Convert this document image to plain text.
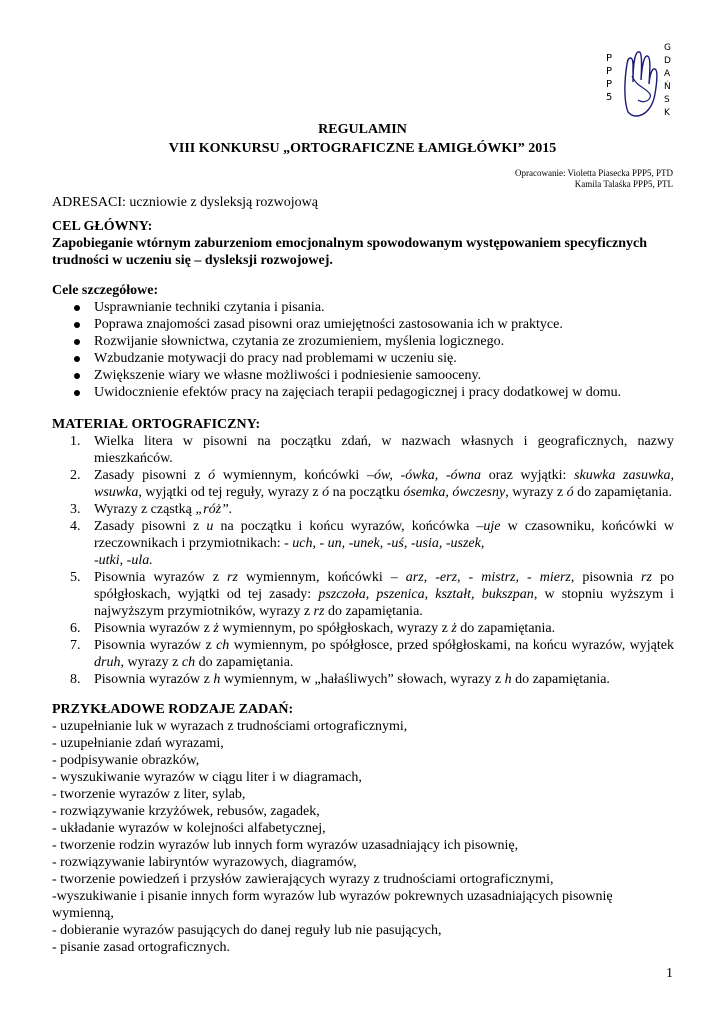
P
P
P
5
G
D
A
Ń
S
K
REGULAMIN
VIII KONKURSU „ORTOGRAFICZNE ŁAMIGŁÓWKI” 2015
Opracowanie: Violetta Piasecka PPP5, PTD
Kamila Talaśka PPP5, PTL
ADRESACI: uczniowie z dysleksją rozwojową
CEL GŁÓWNY:
Zapobieganie wtórnym zaburzeniom emocjonalnym spowodowanym występowaniem specyficznych trudności w uczeniu się – dysleksji rozwojowej.
Cele szczegółowe:
Usprawnianie techniki czytania i pisania.
Poprawa znajomości zasad pisowni oraz umiejętności zastosowania ich w praktyce.
Rozwijanie słownictwa, czytania ze zrozumieniem, myślenia logicznego.
Wzbudzanie motywacji do pracy nad problemami w uczeniu się.
Zwiększenie wiary we własne możliwości i podniesienie samooceny.
Uwidocznienie efektów pracy na zajęciach terapii pedagogicznej i pracy dodatkowej w domu.
MATERIAŁ ORTOGRAFICZNY:
1. Wielka litera w pisowni na początku zdań, w nazwach własnych i geograficznych, nazwy mieszkańców.
2. Zasady pisowni z ó wymiennym, końcówki –ów, -ówka, -ówna oraz wyjątki: skuwka zasuwka, wsuwka, wyjątki od tej reguły, wyrazy z ó na początku ósemka, ówczesny, wyrazy z ó do zapamiętania.
3. Wyrazy z cząstką „róż”.
4. Zasady pisowni z u na początku i końcu wyrazów, końcówka –uje w czasowniku, końcówki w rzeczownikach i przymiotnikach: - uch, - un, -unek, -uś, -usia, -uszek,
-utki, -ula.
5. Pisownia wyrazów z rz wymiennym, końcówki – arz, -erz, - mistrz, - mierz, pisownia rz po spółgłoskach, wyjątki od tej zasady: pszczoła, pszenica, kształt, bukszpan, w stopniu wyższym i najwyższym przymiotników, wyrazy z rz do zapamiętania.
6. Pisownia wyrazów z ż wymiennym, po spółgłoskach, wyrazy z ż do zapamiętania.
7. Pisownia wyrazów z ch wymiennym, po spółgłosce, przed spółgłoskami, na końcu wyrazów, wyjątek druh, wyrazy z ch do zapamiętania.
8. Pisownia wyrazów z h wymiennym, w „hałaśliwych” słowach, wyrazy z h do zapamiętania.
PRZYKŁADOWE RODZAJE ZADAŃ:
- uzupełnianie luk w wyrazach z trudnościami ortograficznymi,
- uzupełnianie zdań wyrazami,
- podpisywanie obrazków,
- wyszukiwanie wyrazów w ciągu liter i w diagramach,
- tworzenie wyrazów z liter, sylab,
- rozwiązywanie krzyżówek, rebusów, zagadek,
- układanie wyrazów w kolejności alfabetycznej,
- tworzenie rodzin wyrazów lub innych form wyrazów uzasadniający ich pisownię,
- rozwiązywanie labiryntów wyrazowych, diagramów,
- tworzenie powiedzeń i przysłów zawierających wyrazy z trudnościami ortograficznymi,
-wyszukiwanie i pisanie innych form wyrazów lub wyrazów pokrewnych uzasadniających pisownię wymienną,
- dobieranie wyrazów pasujących do danej reguły lub nie pasujących,
- pisanie zasad ortograficznych.
1
